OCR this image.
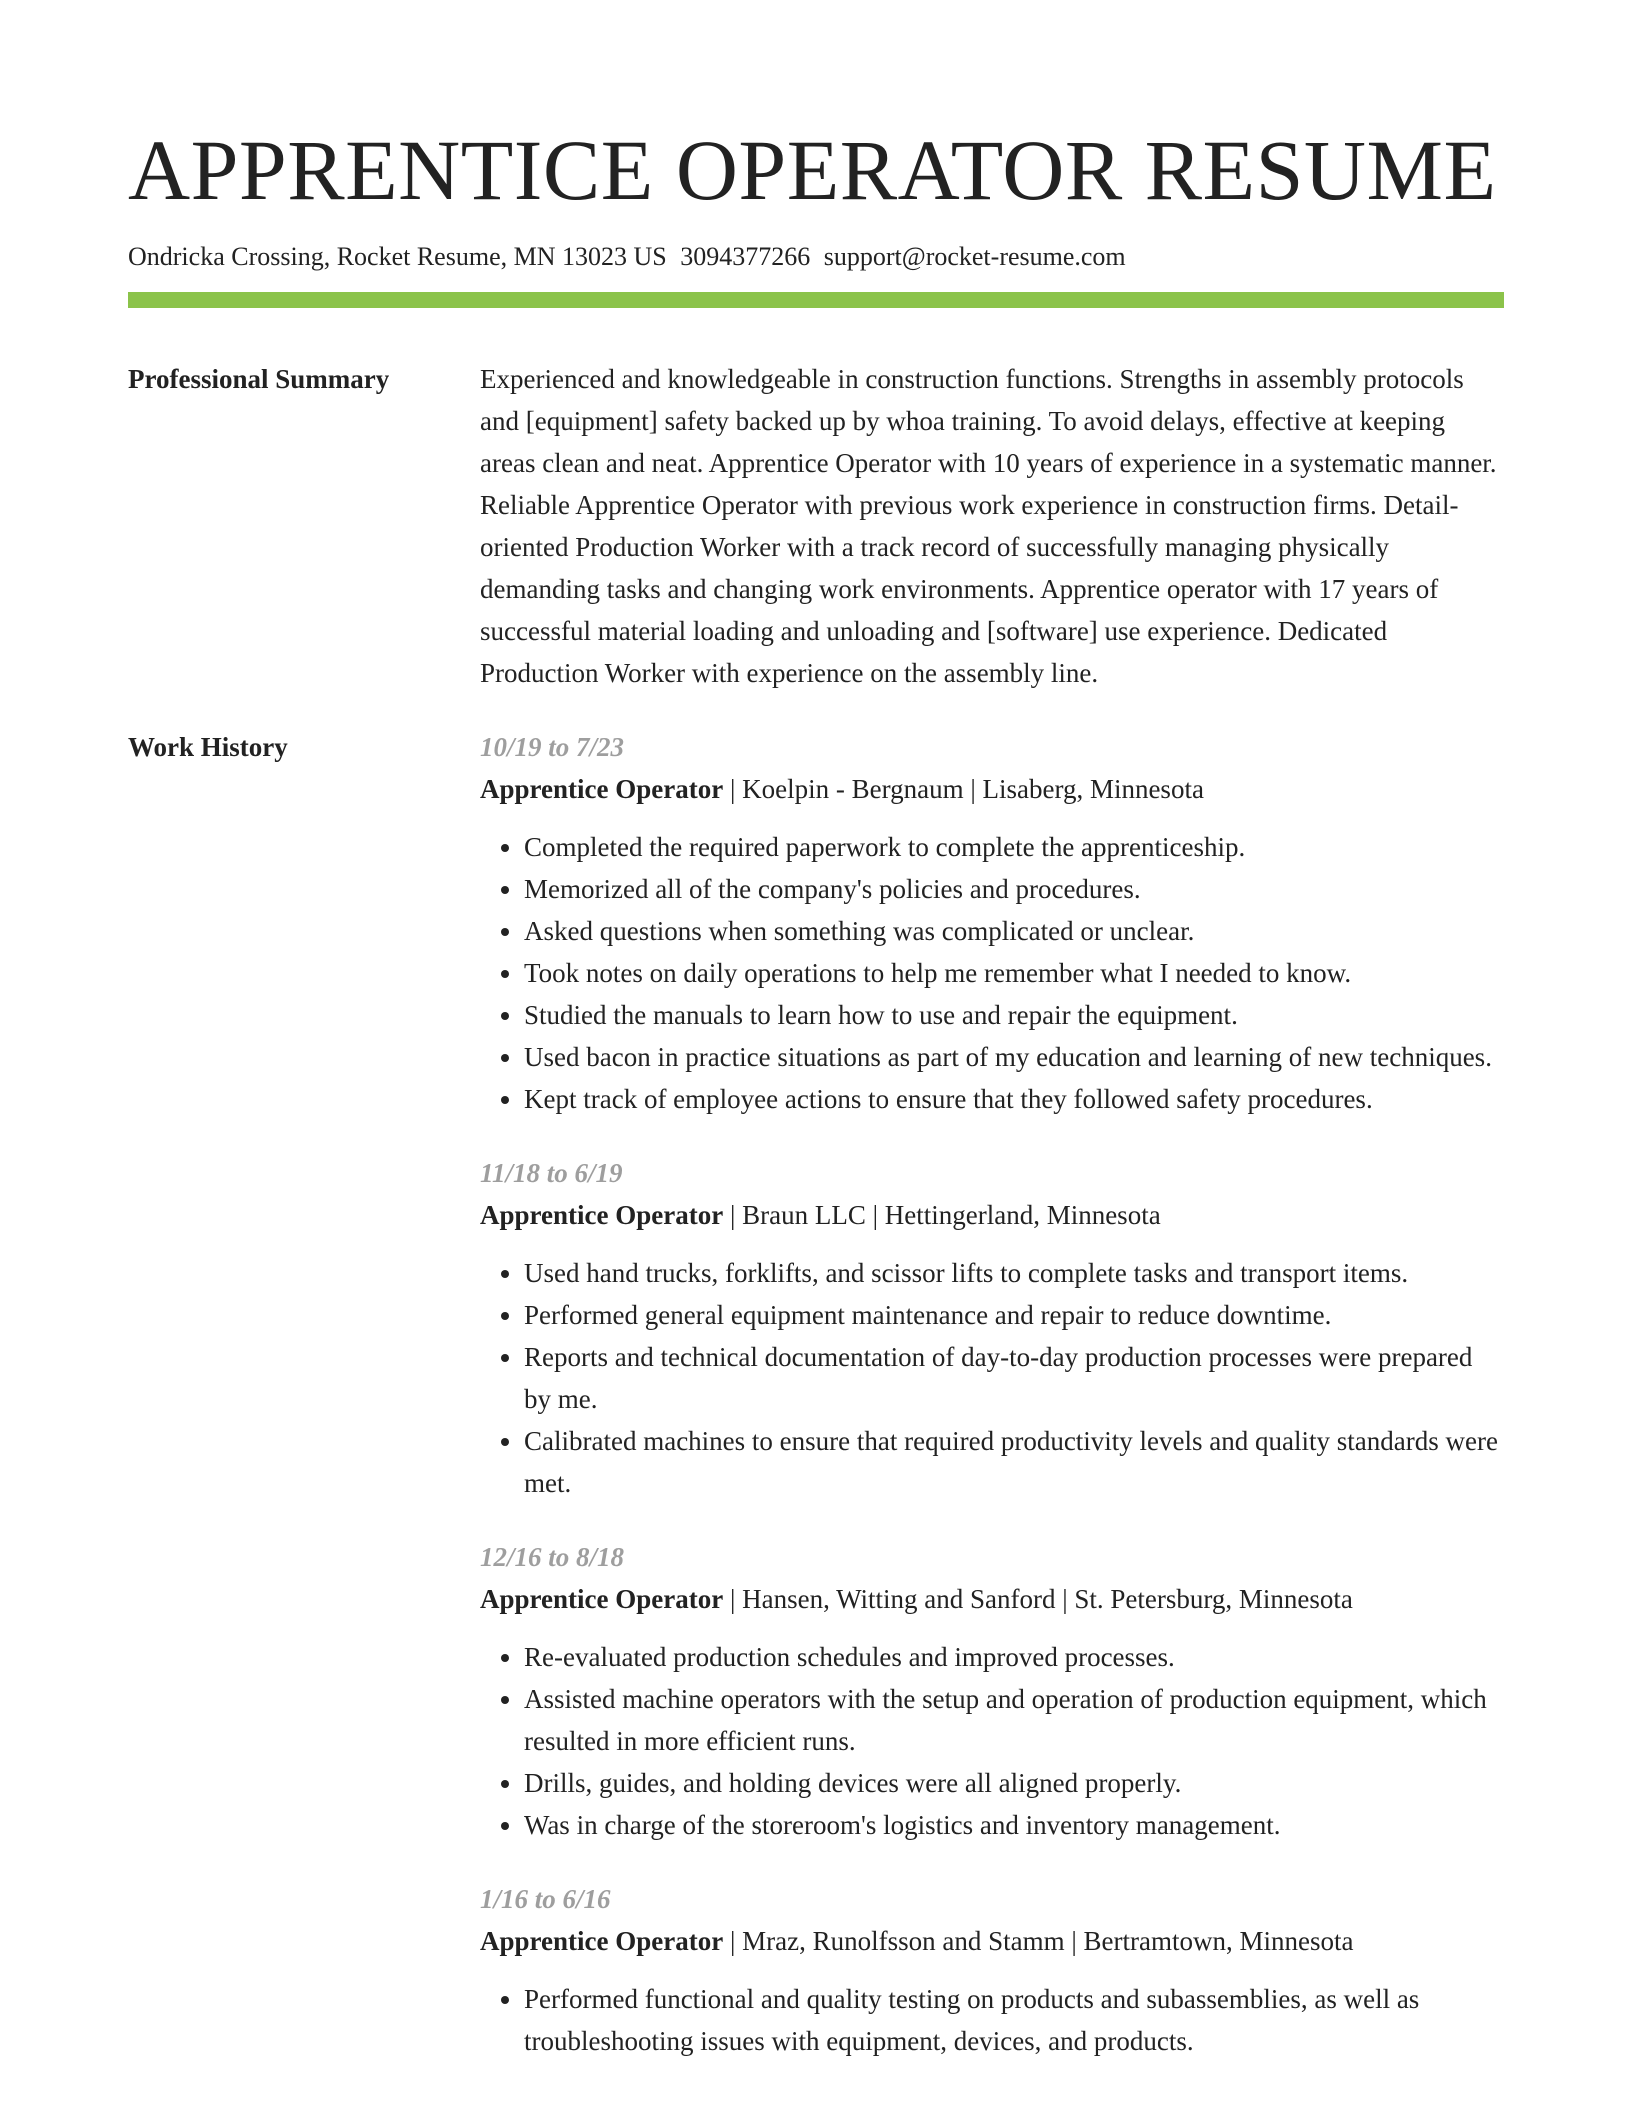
APPRENTICE OPERATOR RESUME
Ondricka Crossing, Rocket Resume, MN 13023 US 3094377266 support@rocket-resume.com
Professional Summary	Experienced and knowledgeable in construction functions. Strengths in assembly protocols and [equipment] safety backed up by whoa training. To avoid delays, effective at keeping areas clean and neat. Apprentice Operator with 10 years of experience in a systematic manner. Reliable Apprentice Operator with previous work experience in construction firms. Detail-oriented Production Worker with a track record of successfully managing physically demanding tasks and changing work environments. Apprentice operator with 17 years of successful material loading and unloading and [software] use experience. Dedicated Production Worker with experience on the assembly line.
Work History	10/19 to 7/23
Apprentice Operator | Koelpin - Bergnaum | Lisaberg, Minnesota
• Completed the required paperwork to complete the apprenticeship.
• Memorized all of the company's policies and procedures.
• Asked questions when something was complicated or unclear.
• Took notes on daily operations to help me remember what I needed to know.
• Studied the manuals to learn how to use and repair the equipment.
• Used bacon in practice situations as part of my education and learning of new techniques.
• Kept track of employee actions to ensure that they followed safety procedures.
11/18 to 6/19
Apprentice Operator | Braun LLC | Hettingerland, Minnesota
• Used hand trucks, forklifts, and scissor lifts to complete tasks and transport items.
• Performed general equipment maintenance and repair to reduce downtime.
• Reports and technical documentation of day-to-day production processes were prepared by me.
• Calibrated machines to ensure that required productivity levels and quality standards were met.
12/16 to 8/18
Apprentice Operator | Hansen, Witting and Sanford | St. Petersburg, Minnesota
• Re-evaluated production schedules and improved processes.
• Assisted machine operators with the setup and operation of production equipment, which resulted in more efficient runs.
• Drills, guides, and holding devices were all aligned properly.
• Was in charge of the storeroom's logistics and inventory management.
1/16 to 6/16
Apprentice Operator | Mraz, Runolfsson and Stamm | Bertramtown, Minnesota
• Performed functional and quality testing on products and subassemblies, as well as troubleshooting issues with equipment, devices, and products.
